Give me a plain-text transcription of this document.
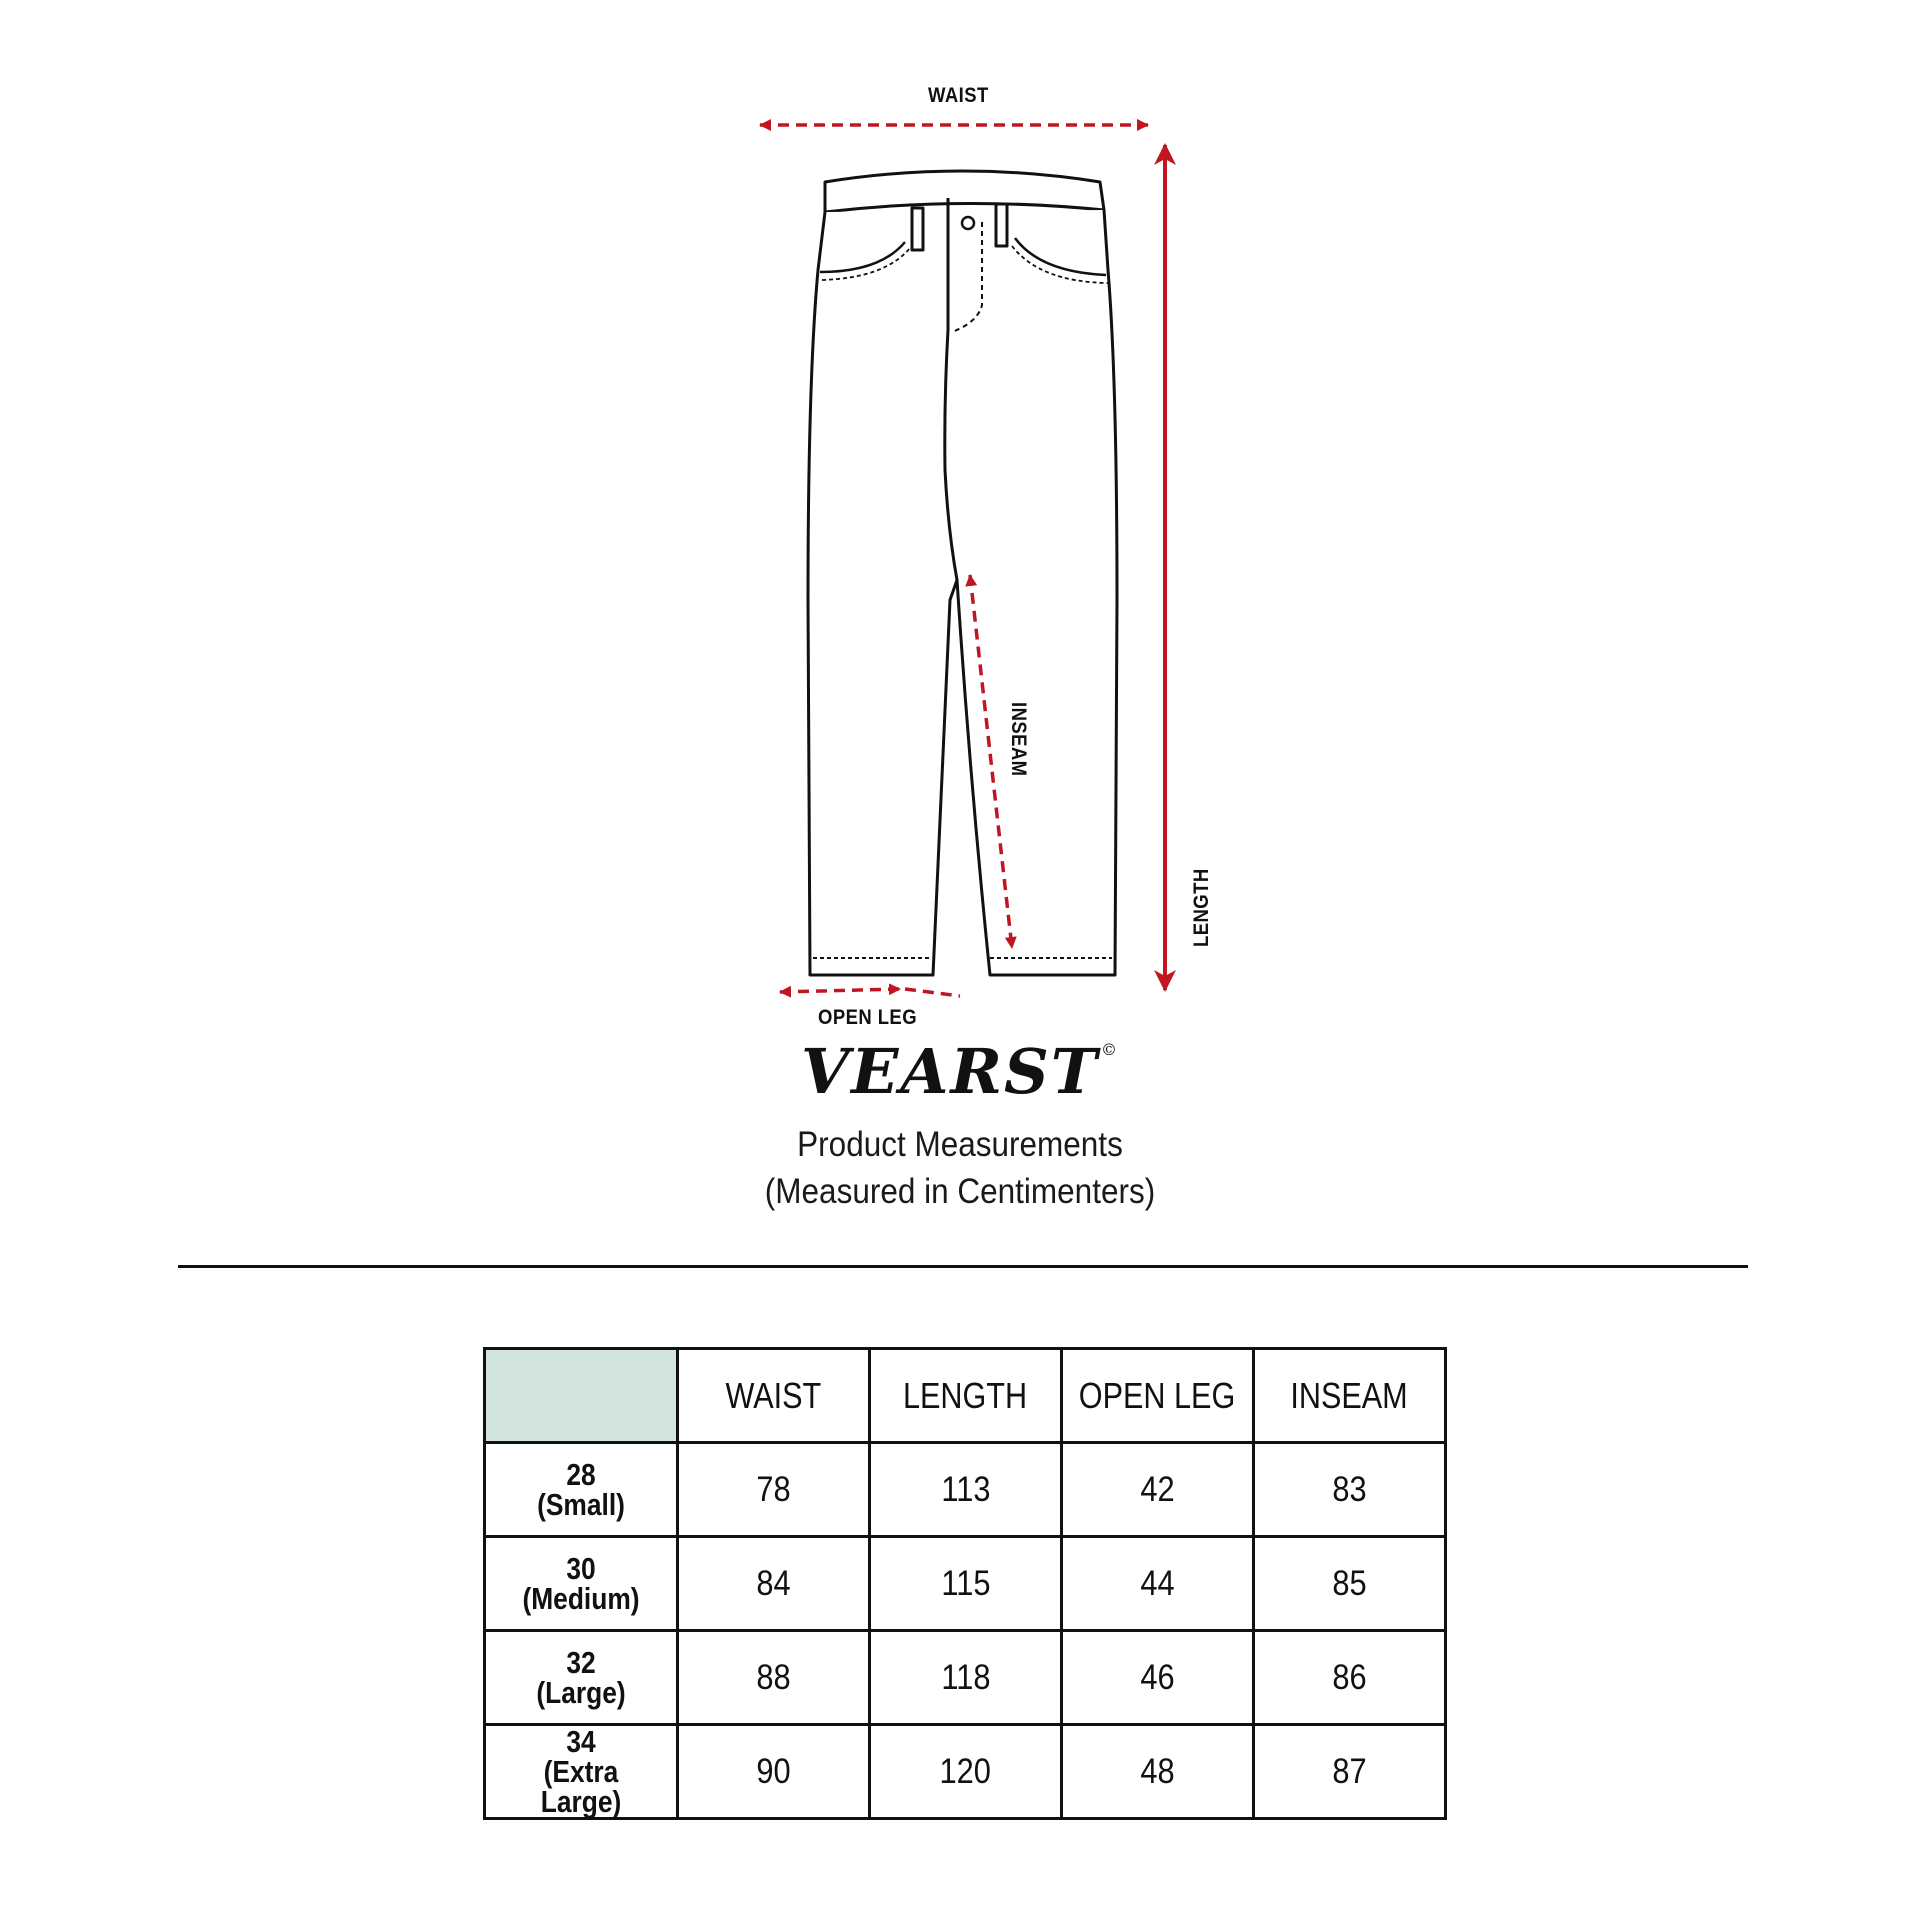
WAIST
OPEN LEG
INSEAM
LENGTH
VEARST ©
Product Measurements
(Measured in Centimenters)
	WAIST	LENGTH	OPEN LEG	INSEAM

28
(Small)	78	113	42	83

30
(Medium)	84	115	44	85

32
(Large)	88	118	46	86

34
(Extra Large)	90	120	48	87
